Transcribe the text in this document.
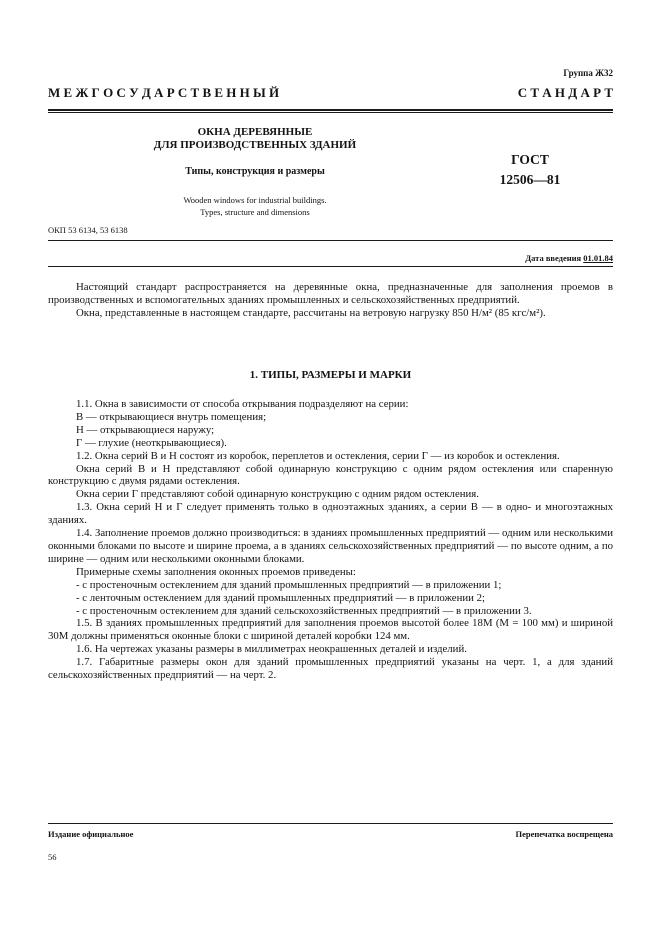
Группа Ж32
М Е Ж Г О С У Д А Р С Т В Е Н Н Ы Й	С Т А Н Д А Р Т
ОКНА ДЕРЕВЯННЫЕ
ДЛЯ ПРОИЗВОДСТВЕННЫХ ЗДАНИЙ
Типы, конструкция и размеры
Wooden windows for industrial buildings.
Types, structure and dimensions
ГОСТ
12506—81
ОКП 53 6134, 53 6138
Дата введения 01.01.84

Настоящий стандарт распространяется на деревянные окна, предназначенные для заполнения проемов в производственных и вспомогательных зданиях промышленных и сельскохозяйственных предприятий.

Окна, представленные в настоящем стандарте, рассчитаны на ветровую нагрузку 850 Н/м² (85 кгс/м²).

1. ТИПЫ, РАЗМЕРЫ И МАРКИ

1.1. Окна в зависимости от способа открывания подразделяют на серии:

В — открывающиеся внутрь помещения;

Н — открывающиеся наружу;

Г — глухие (неоткрывающиеся).

1.2. Окна серий В и Н состоят из коробок, переплетов и остекления, серии Г — из коробок и остекления.

Окна серий В и Н представляют собой одинарную конструкцию с одним рядом остекления или спаренную конструкцию с двумя рядами остекления.

Окна серии Г представляют собой одинарную конструкцию с одним рядом остекления.

1.3. Окна серий Н и Г следует применять только в одноэтажных зданиях, а серии В — в одно- и многоэтажных зданиях.

1.4. Заполнение проемов должно производиться: в зданиях промышленных предприятий — одним или несколькими оконными блоками по высоте и ширине проема, а в зданиях сельскохозяйственных предприятий — по высоте одним, а по ширине — одним или несколькими оконными блоками.

Примерные схемы заполнения оконных проемов приведены:

- с простеночным остеклением для зданий промышленных предприятий — в приложении 1;

- с ленточным остеклением для зданий промышленных предприятий — в приложении 2;

- с простеночным остеклением для зданий сельскохозяйственных предприятий — в приложении 3.

1.5. В зданиях промышленных предприятий для заполнения проемов высотой более 18М (М = 100 мм) и шириной 30М должны применяться оконные блоки с шириной деталей коробки 124 мм.

1.6. На чертежах указаны размеры в миллиметрах неокрашенных деталей и изделий.

1.7. Габаритные размеры окон для зданий промышленных предприятий указаны на черт. 1, а для зданий сельскохозяйственных предприятий — на черт. 2.

Издание официальное	Перепечатка воспрещена
56
